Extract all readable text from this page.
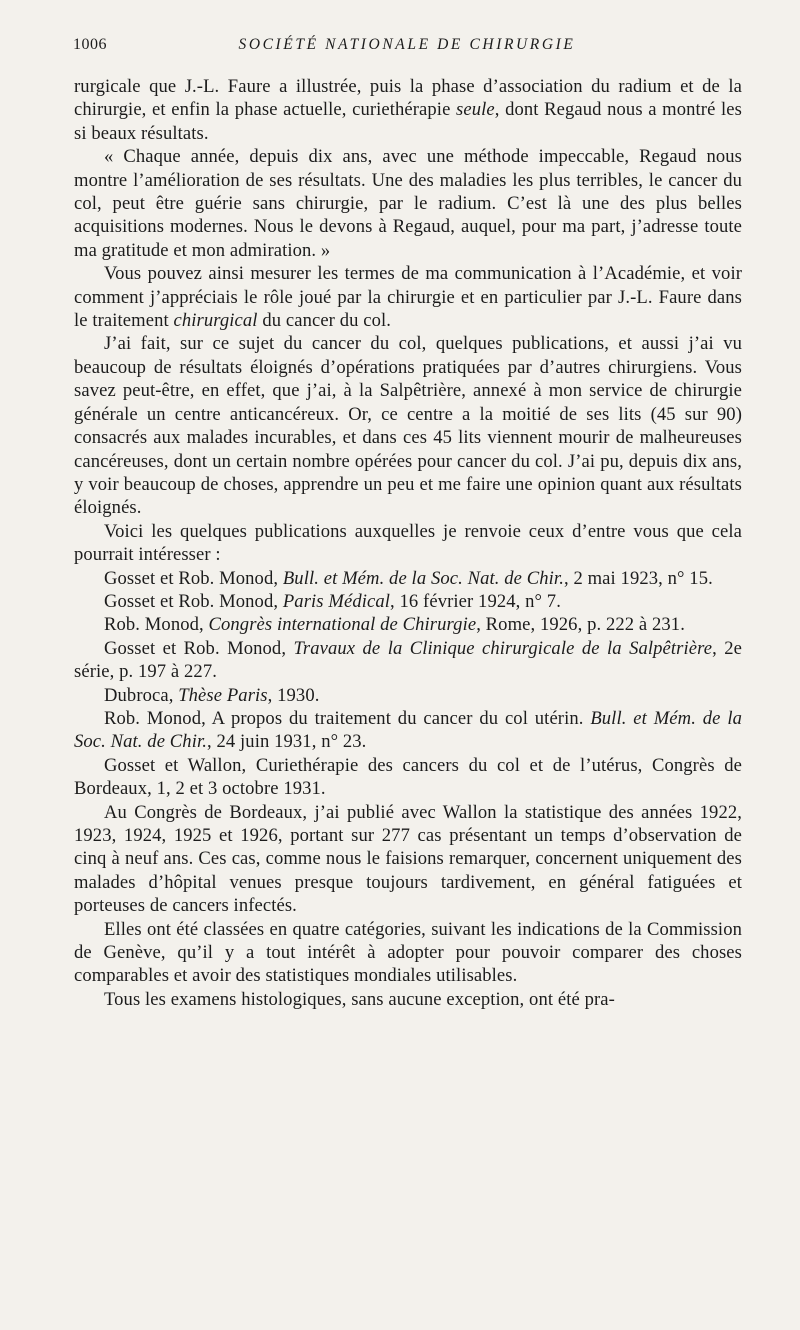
1006	SOCIÉTÉ NATIONALE DE CHIRURGIE

rurgicale que J.-L. Faure a illustrée, puis la phase d’association du radium et de la chirurgie, et enfin la phase actuelle, curiethérapie seule, dont Regaud nous a montré les si beaux résultats.

« Chaque année, depuis dix ans, avec une méthode impeccable, Regaud nous montre l’amélioration de ses résultats. Une des maladies les plus terribles, le cancer du col, peut être guérie sans chirurgie, par le radium. C’est là une des plus belles acquisitions modernes. Nous le devons à Regaud, auquel, pour ma part, j’adresse toute ma gratitude et mon admiration. »

Vous pouvez ainsi mesurer les termes de ma communication à l’Académie, et voir comment j’appréciais le rôle joué par la chirurgie et en particulier par J.-L. Faure dans le traitement chirurgical du cancer du col.

J’ai fait, sur ce sujet du cancer du col, quelques publications, et aussi j’ai vu beaucoup de résultats éloignés d’opérations pratiquées par d’autres chirurgiens. Vous savez peut-être, en effet, que j’ai, à la Salpêtrière, annexé à mon service de chirurgie générale un centre anticancéreux. Or, ce centre a la moitié de ses lits (45 sur 90) consacrés aux malades incurables, et dans ces 45 lits viennent mourir de malheureuses cancéreuses, dont un certain nombre opérées pour cancer du col. J’ai pu, depuis dix ans, y voir beaucoup de choses, apprendre un peu et me faire une opinion quant aux résultats éloignés.

Voici les quelques publications auxquelles je renvoie ceux d’entre vous que cela pourrait intéresser :

Gosset et Rob. Monod, Bull. et Mém. de la Soc. Nat. de Chir., 2 mai 1923, n° 15.

Gosset et Rob. Monod, Paris Médical, 16 février 1924, n° 7.

Rob. Monod, Congrès international de Chirurgie, Rome, 1926, p. 222 à 231.

Gosset et Rob. Monod, Travaux de la Clinique chirurgicale de la Salpêtrière, 2e série, p. 197 à 227.

Dubroca, Thèse Paris, 1930.

Rob. Monod, A propos du traitement du cancer du col utérin. Bull. et Mém. de la Soc. Nat. de Chir., 24 juin 1931, n° 23.

Gosset et Wallon, Curiethérapie des cancers du col et de l’utérus, Congrès de Bordeaux, 1, 2 et 3 octobre 1931.

Au Congrès de Bordeaux, j’ai publié avec Wallon la statistique des années 1922, 1923, 1924, 1925 et 1926, portant sur 277 cas présentant un temps d’observation de cinq à neuf ans. Ces cas, comme nous le faisions remarquer, concernent uniquement des malades d’hôpital venues presque toujours tardivement, en général fatiguées et porteuses de cancers infectés.

Elles ont été classées en quatre catégories, suivant les indications de la Commission de Genève, qu’il y a tout intérêt à adopter pour pouvoir comparer des choses comparables et avoir des statistiques mondiales utilisables.

Tous les examens histologiques, sans aucune exception, ont été pra-
